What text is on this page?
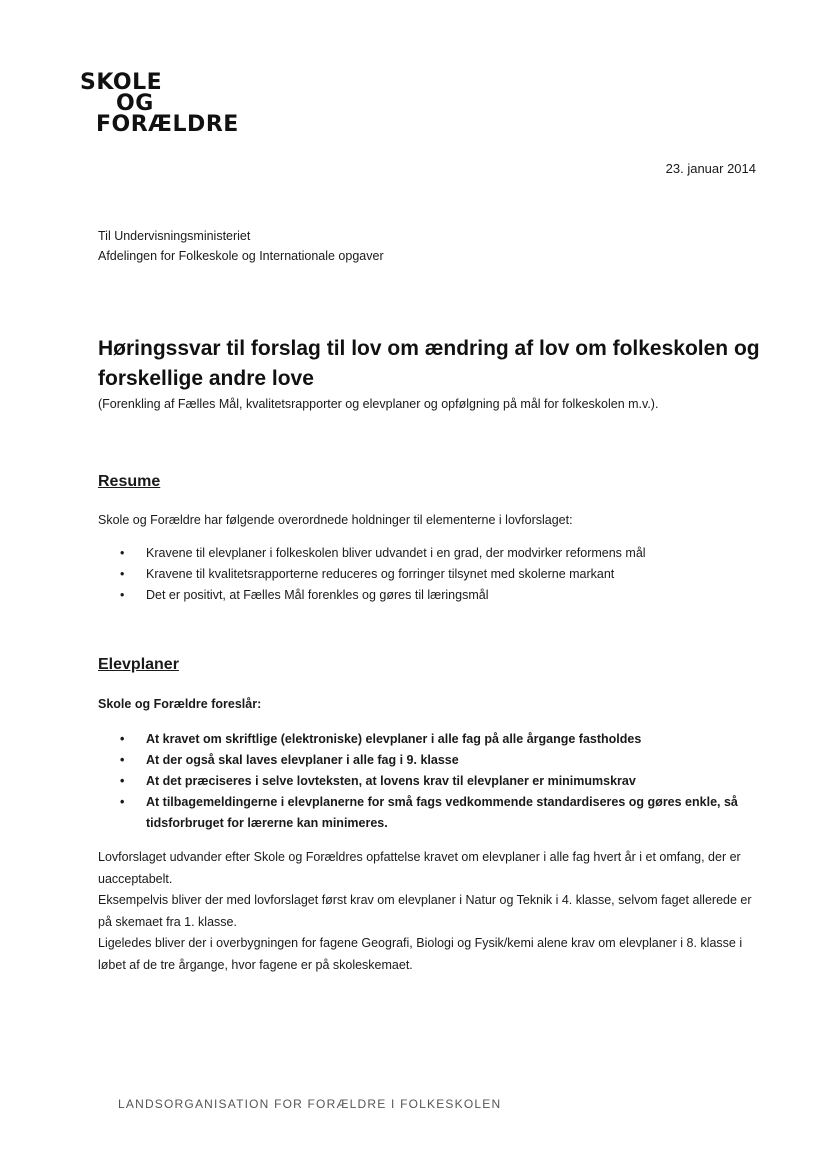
SKOLE
OG
FORÆLDRE
23. januar 2014
Til Undervisningsministeriet
Afdelingen for Folkeskole og Internationale opgaver
Høringssvar til forslag til lov om ændring af lov om folkeskolen og forskellige andre love
(Forenkling af Fælles Mål, kvalitetsrapporter og elevplaner og opfølgning på mål for folkeskolen m.v.).
Resume

Skole og Forældre har følgende overordnede holdninger til elementerne i lovforslaget:

• Kravene til elevplaner i folkeskolen bliver udvandet i en grad, der modvirker reformens mål
• Kravene til kvalitetsrapporterne reduceres og forringer tilsynet med skolerne markant
• Det er positivt, at Fælles Mål forenkles og gøres til læringsmål
Elevplaner

Skole og Forældre foreslår:

• At kravet om skriftlige (elektroniske) elevplaner i alle fag på alle årgange fastholdes
• At der også skal laves elevplaner i alle fag i 9. klasse
• At det præciseres i selve lovteksten, at lovens krav til elevplaner er minimumskrav
• At tilbagemeldingerne i elevplanerne for små fags vedkommende standardiseres og gøres enkle, så tidsforbruget for lærerne kan minimeres.

Lovforslaget udvander efter Skole og Forældres opfattelse kravet om elevplaner i alle fag hvert år i et omfang, der er uacceptabelt.

Eksempelvis bliver der med lovforslaget først krav om elevplaner i Natur og Teknik i 4. klasse, selvom faget allerede er på skemaet fra 1. klasse.

Ligeledes bliver der i overbygningen for fagene Geografi, Biologi og Fysik/kemi alene krav om elevplaner i 8. klasse i løbet af de tre årgange, hvor fagene er på skoleskemaet.

LANDSORGANISATION FOR FORÆLDRE I FOLKESKOLEN
